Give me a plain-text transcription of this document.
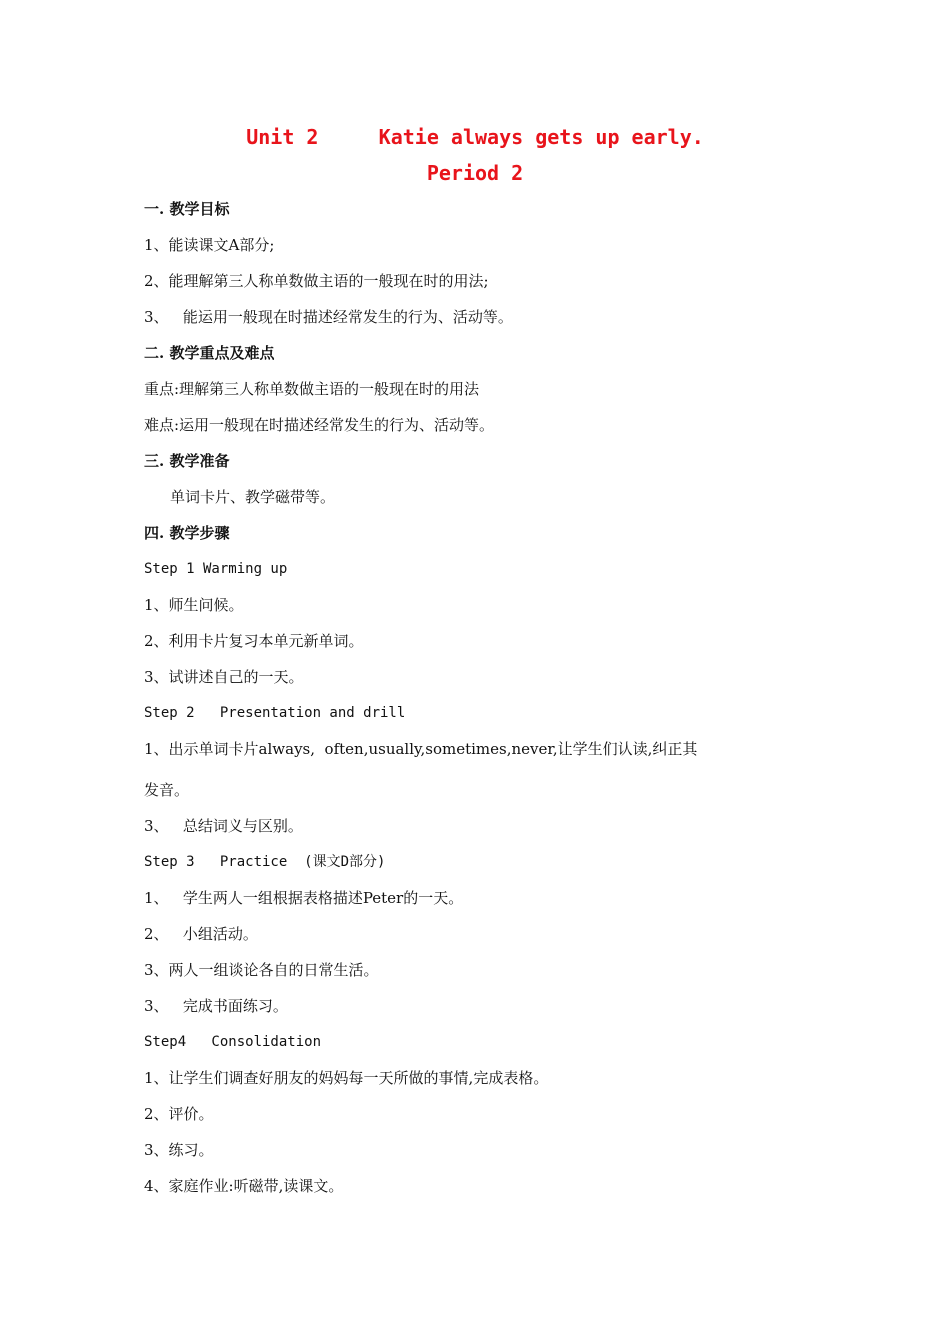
Unit 2     Katie always gets up early.
Period 2
一. 教学目标
1、能读课文A部分;
2、能理解第三人称单数做主语的一般现在时的用法;
3、   能运用一般现在时描述经常发生的行为、活动等。
二. 教学重点及难点
重点:理解第三人称单数做主语的一般现在时的用法
难点:运用一般现在时描述经常发生的行为、活动等。
三. 教学准备
单词卡片、教学磁带等。
四. 教学步骤
Step 1 Warming up
1、师生问候。
2、利用卡片复习本单元新单词。
3、试讲述自己的一天。
Step 2   Presentation and drill
1、出示单词卡片always,  often,usually,sometimes,never,让学生们认读,纠正其
发音。
3、   总结词义与区别。
Step 3   Practice  (课文D部分)
1、   学生两人一组根据表格描述Peter的一天。
2、   小组活动。
3、两人一组谈论各自的日常生活。
3、   完成书面练习。
Step4   Consolidation
1、让学生们调查好朋友的妈妈每一天所做的事情,完成表格。
2、评价。
3、练习。
4、家庭作业:听磁带,读课文。
